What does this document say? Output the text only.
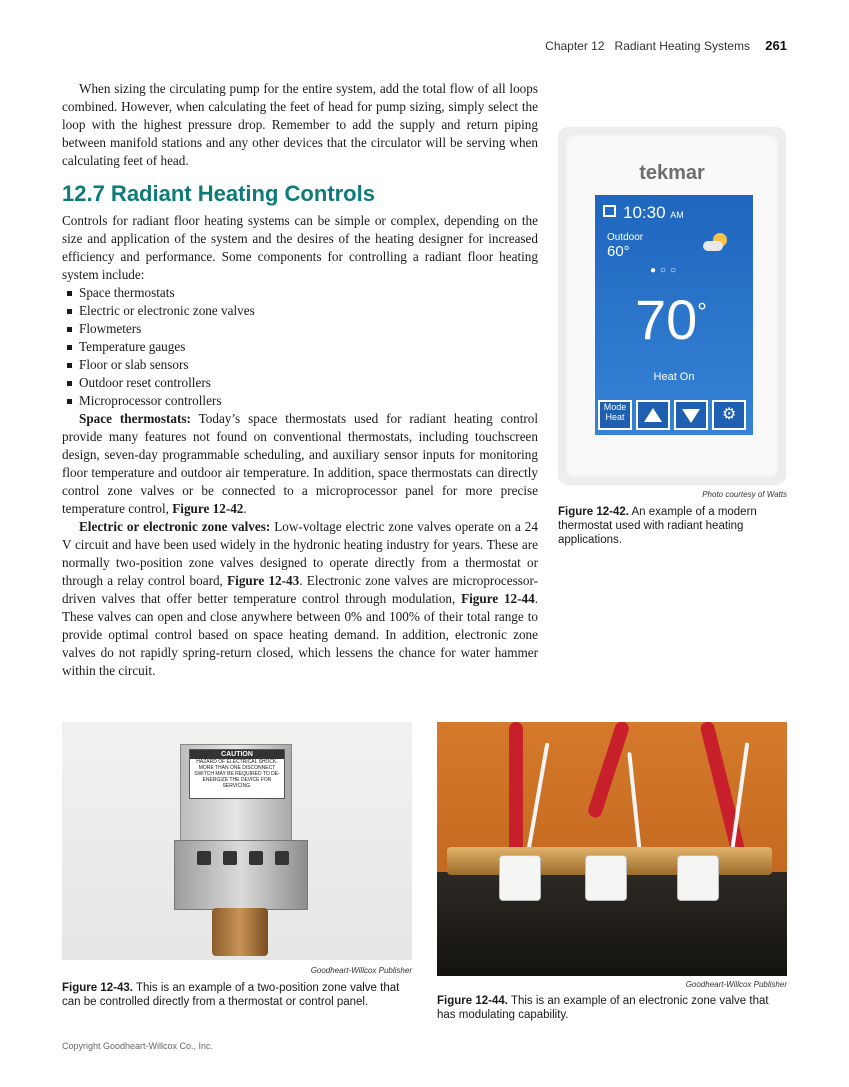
Chapter 12 Radiant Heating Systems 261

When sizing the circulating pump for the entire system, add the total flow of all loops combined. However, when calculating the feet of head for pump sizing, simply select the loop with the highest pressure drop. Remember to add the supply and return piping between manifold stations and any other devices that the circulator will be serving when calculating feet of head.

12.7 Radiant Heating Controls

Controls for radiant floor heating systems can be simple or complex, depending on the size and application of the system and the desires of the heating designer for increased efficiency and performance. Some components for controlling a radiant floor heating system include:

Space thermostats
Electric or electronic zone valves
Flowmeters
Temperature gauges
Floor or slab sensors
Outdoor reset controllers
Microprocessor controllers

Space thermostats: Today’s space thermostats used for radiant heating control provide many features not found on conventional thermostats, including touchscreen design, seven-day programmable scheduling, and auxiliary sensor inputs for monitoring floor temperature and outdoor air temperature. In addition, space thermostats can directly control zone valves or be connected to a microprocessor panel for more precise temperature control, Figure 12-42.

Electric or electronic zone valves: Low-voltage electric zone valves operate on a 24 V circuit and have been used widely in the hydronic heating industry for years. These are normally two-position zone valves designed to operate directly from a thermostat or through a relay control board, Figure 12-43. Electronic zone valves are microprocessor-driven valves that offer better temperature control through modulation, Figure 12-44. These valves can open and close anywhere between 0% and 100% of their total range to provide optimal control based on space heating demand. In addition, electronic zone valves do not rapidly spring-return closed, which lessens the chance for water hammer within the circuit.

tekmar
10:30 AM
Outdoor
60°
●○○
70°
Heat On
Mode
Heat	⚙
Photo courtesy of Watts
Figure 12-42. An example of a modern thermostat used with radiant heating applications.
CAUTION
HAZARD OF ELECTRICAL SHOCK. MORE THAN ONE DISCONNECT SWITCH MAY BE REQUIRED TO DE-ENERGIZE THE DEVICE FOR SERVICING.
Goodheart-Willcox Publisher
Figure 12-43. This is an example of a two-position zone valve that can be controlled directly from a thermostat or control panel.
Goodheart-Willcox Publisher
Figure 12-44. This is an example of an electronic zone valve that has modulating capability.
Copyright Goodheart-Willcox Co., Inc.
